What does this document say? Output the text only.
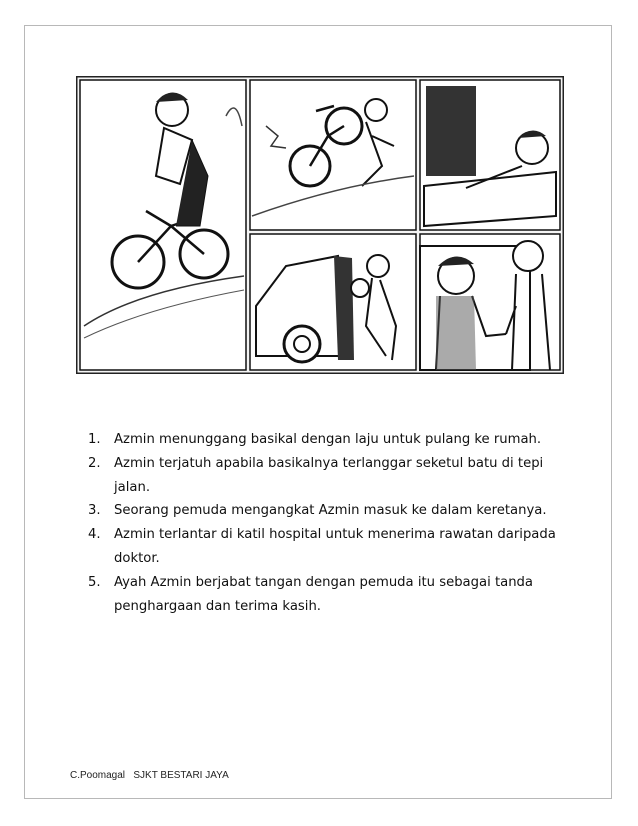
1. Azmin menunggang basikal dengan laju untuk pulang ke rumah.
2. Azmin terjatuh apabila basikalnya terlanggar seketul batu di tepi jalan.
3. Seorang pemuda mengangkat Azmin masuk ke dalam keretanya.
4. Azmin terlantar di katil hospital untuk menerima rawatan daripada doktor.
5. Ayah Azmin berjabat tangan dengan pemuda itu sebagai tanda penghargaan dan terima kasih.
C.Poomagal   SJKT BESTARI JAYA
